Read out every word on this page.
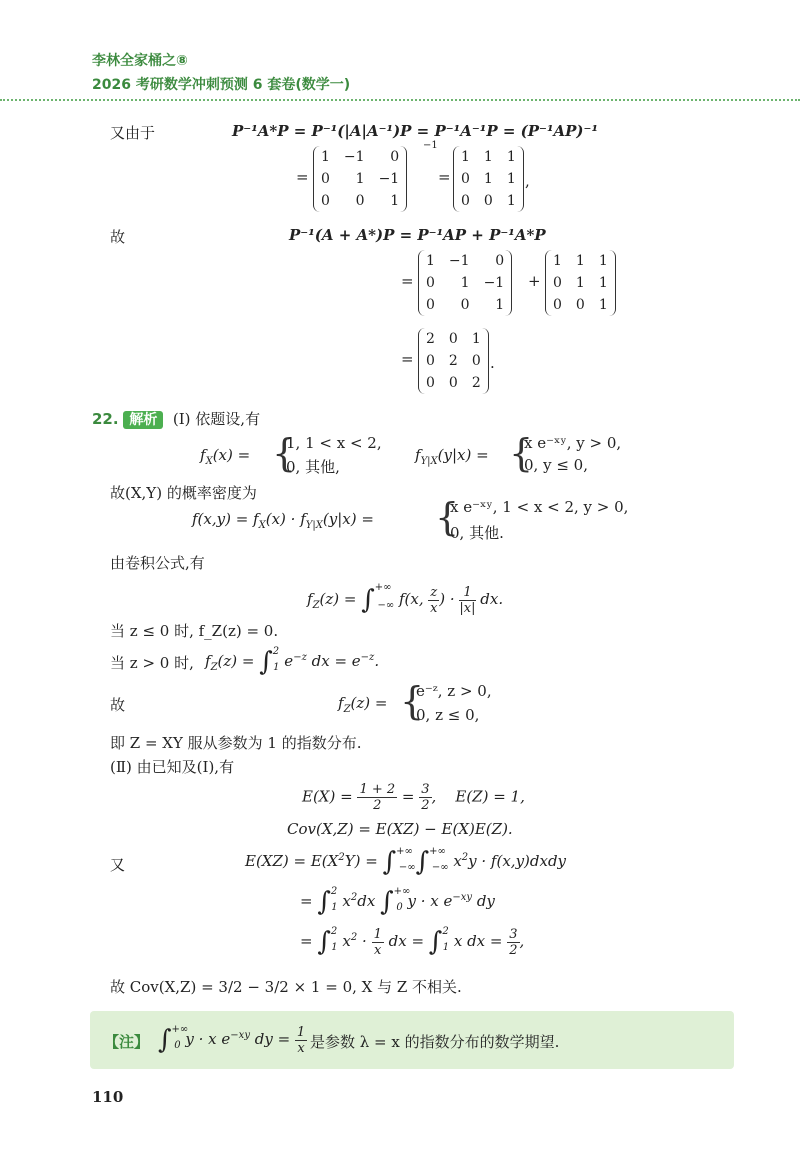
李林全家桶之⑧
2026 考研数学冲刺预测 6 套卷(数学一)
又由于	P⁻¹A*P = P⁻¹(|A|A⁻¹)P = P⁻¹A⁻¹P = (P⁻¹AP)⁻¹
=
1	−1	0
0	1	−1
0	0	1
−1
=
1	1	1
0	1	1
0	0	1
,
故	P⁻¹(A + A*)P = P⁻¹AP + P⁻¹A*P
=
1	−1	0
0	1	−1
0	0	1
+
1	1	1
0	1	1
0	0	1
=
2	0	1
0	2	0
0	0	2
.
22. 解析 (Ⅰ) 依题设,有
$f_X(x)$ = {
1, 1 < x < 2,
0, 其他,
$f_{Y|X}(y|x)$ = {
x e⁻ˣʸ, y > 0,
0, y ≤ 0,
故(X,Y) 的概率密度为
$f(x,y) = f_X(x) \cdot f_{Y|X}(y|x)$ = {
x e⁻ˣʸ, 1 < x < 2, y > 0,
0, 其他.
由卷积公式,有
$f_Z(z) = \int^{+\infty}_{-\infty}$ f(x, $\frac{z}{x}$ ) · $\frac{1}{|x|}$ dx.
当 z ≤ 0 时, f_Z(z) = 0.
当 z > 0 时, $f_Z(z) = \int^2_1$ $e^{-z}$ dx = $e^{-z}$.
故	$f_Z(z)$ = {
e⁻ᶻ, z > 0,
0, z ≤ 0,
即 Z = XY 服从参数为 1 的指数分布.
(Ⅱ) 由已知及(Ⅰ),有
$E(X) = \frac{1 + 2}{2} = \frac{3}{2}$ ,    E(Z) = 1,
Cov(X,Z) = E(XZ) − E(X)E(Z).
又	$E(XZ) = E(X^2Y) = \int^{+\infty}_{-\infty}\int^{+\infty}_{-\infty}$ $x^2y$ · f(x,y)dxdy
= ∫$^2_1$ $x^2dx$ $\int^{+\infty}_0$ y · x $e^{-xy}$ dy
= ∫$^2_1$ $x^2 \cdot \frac{1}{x}$ dx = ∫$^2_1$ x dx = $\frac{3}{2}$ ,
故 Cov(X,Z) = 3/2 − 3/2 × 1 = 0, X 与 Z 不相关.
【注】 $\int^{+\infty}_0$ y · x $e^{-xy}$ dy = $\frac{1}{x}$ 是参数 λ = x 的指数分布的数学期望.
110
